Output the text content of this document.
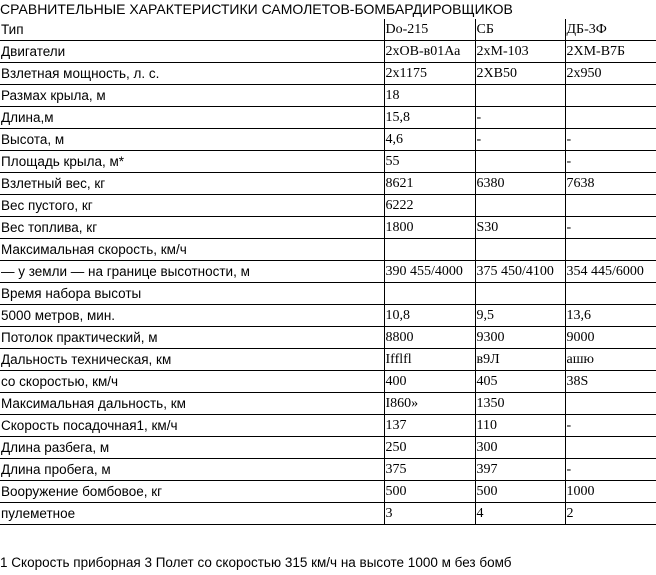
СРАВНИТЕЛЬНЫЕ ХАРАКТЕРИСТИКИ САМОЛЕТОВ-БОМБАРДИРОВЩИКОВ
Тип	Do-215	СБ	ДБ-3Ф
Двигатели	2xOB-в01Аа	2xM-103	2XM-B7Б
Взлетная мощность, л. с.	2x1175	2XB50	2x950
Размах крыла, м	18		
Длина,м	15,8	-	
Высота, м	4,6	-	-
Площадь крыла, м*	55		-
Взлетный вес, кг	8621	6380	7638
Вес пустого, кг	6222		
Вес топлива, кг	1800	S30	-
Максимальная скорость, км/ч			
— у земли — на границе высотности, м	390 455/4000	375 450/4100	354 445/6000
Время набора высоты			
5000 метров, мин.	10,8	9,5	13,6
Потолок практический, м	8800	9300	9000
Дальность техническая, км	Ifflfl	в9Л	ашю
со скоростью, км/ч	400	405	38S
Максимальная дальность, км	I860»	1350	
Скорость посадочная1, км/ч	137	110	-
Длина разбега, м	250	300	
Длина пробега, м	375	397	-
Вооружение бомбовое, кг	500	500	1000
пулеметное	3	4	2
1 Скорость приборная 3 Полет со скоростью 315 км/ч на высоте 1000 м без бомб
